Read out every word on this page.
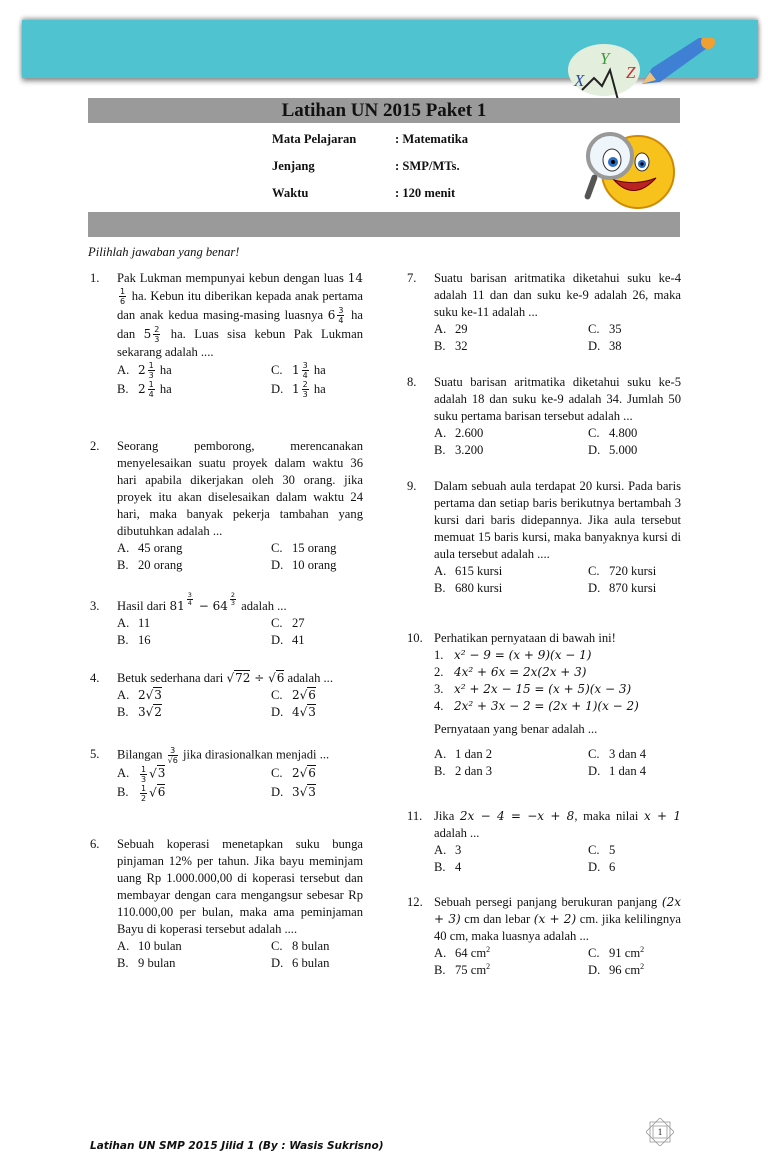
X
Y
Z
Latihan UN 2015 Paket 1
Mata Pelajaran	: Matematika
Jenjang	: SMP/MTs.
Waktu	: 120 menit
Pilihlah jawaban yang benar!
1. Pak Lukman mempunyai kebun dengan luas 14
$\frac{1}{6}$ ha. Kebun itu diberikan kepada anak pertama dan anak kedua masing-masing luasnya $6 \frac{3}{4}$ ha dan $5 \frac{2}{3}$ ha. Luas sisa kebun Pak Lukman sekarang adalah ....
A. $2 \frac{1}{3}$ ha	C. $1 \frac{3}{4}$ ha
B. $2 \frac{1}{4}$ ha	D. $1 \frac{2}{3}$ ha
2. Seorang pemborong, merencanakan menyelesaikan suatu proyek dalam waktu 36 hari apabila dikerjakan oleh 30 orang. jika proyek itu akan diselesaikan dalam waktu 24 hari, maka banyak pekerja tambahan yang dibutuhkan adalah ...
A. 45 orang	C. 15 orang
B. 20 orang	D. 10 orang
3. Hasil dari $81 \frac{3}{4} - 64 \frac{2}{3}$ adalah ...
A. 11	C. 27
B. 16	D. 41
4. Betuk sederhana dari √72 ÷ √6 adalah ...
A. 2√3	C. 2√6
B. 3√2	D. 4√3
5. Bilangan $\frac{3}{√6}$ jika dirasionalkan menjadi ...
A. $\frac{1}{3} √3$	C. 2√6
B. $\frac{1}{2} √6$	D. 3√3
6. Sebuah koperasi menetapkan suku bunga pinjaman 12% per tahun. Jika bayu meminjam uang Rp 1.000.000,00 di koperasi tersebut dan membayar dengan cara mengangsur sebesar Rp 110.000,00 per bulan, maka ama peminjaman Bayu di koperasi tersebut adalah ....
A. 10 bulan	C. 8 bulan
B. 9 bulan	D. 6 bulan
7. Suatu barisan aritmatika diketahui suku ke-4 adalah 11 dan dan suku ke-9 adalah 26, maka suku ke-11 adalah ...
A. 29	C. 35
B. 32	D. 38
8. Suatu barisan aritmatika diketahui suku ke-5 adalah 18 dan suku ke-9 adalah 34. Jumlah 50 suku pertama barisan tersebut adalah ...
A. 2.600	C. 4.800
B. 3.200	D. 5.000
9. Dalam sebuah aula terdapat 20 kursi. Pada baris pertama dan setiap baris berikutnya bertambah 3 kursi dari baris didepannya. Jika aula tersebut memuat 15 baris kursi, maka banyaknya kursi di aula tersebut adalah ....
A. 615 kursi	C. 720 kursi
B. 680 kursi	D. 870 kursi
10. Perhatikan pernyataan di bawah ini!
1. x² − 9 = (x + 9)(x − 1)
2. 4x² + 6x = 2x(2x + 3)
3. x² + 2x − 15 = (x + 5)(x − 3)
4. 2x² + 3x − 2 = (2x + 1)(x − 2)
Pernyataan yang benar adalah ...
A. 1 dan 2	C. 3 dan 4
B. 2 dan 3	D. 1 dan 4
11. Jika 2x − 4 = −x + 8, maka nilai x + 1 adalah ...
A. 3	C. 5
B. 4	D. 6
12. Sebuah persegi panjang berukuran panjang (2x + 3) cm dan lebar (x + 2) cm. jika kelilingnya 40 cm, maka luasnya adalah ...
A. 64 $cm^2$	C. 91 $cm^2$
B. 75 $cm^2$	D. 96 $cm^2$
Latihan UN SMP 2015 Jilid 1 (By : Wasis Sukrisno)
1
